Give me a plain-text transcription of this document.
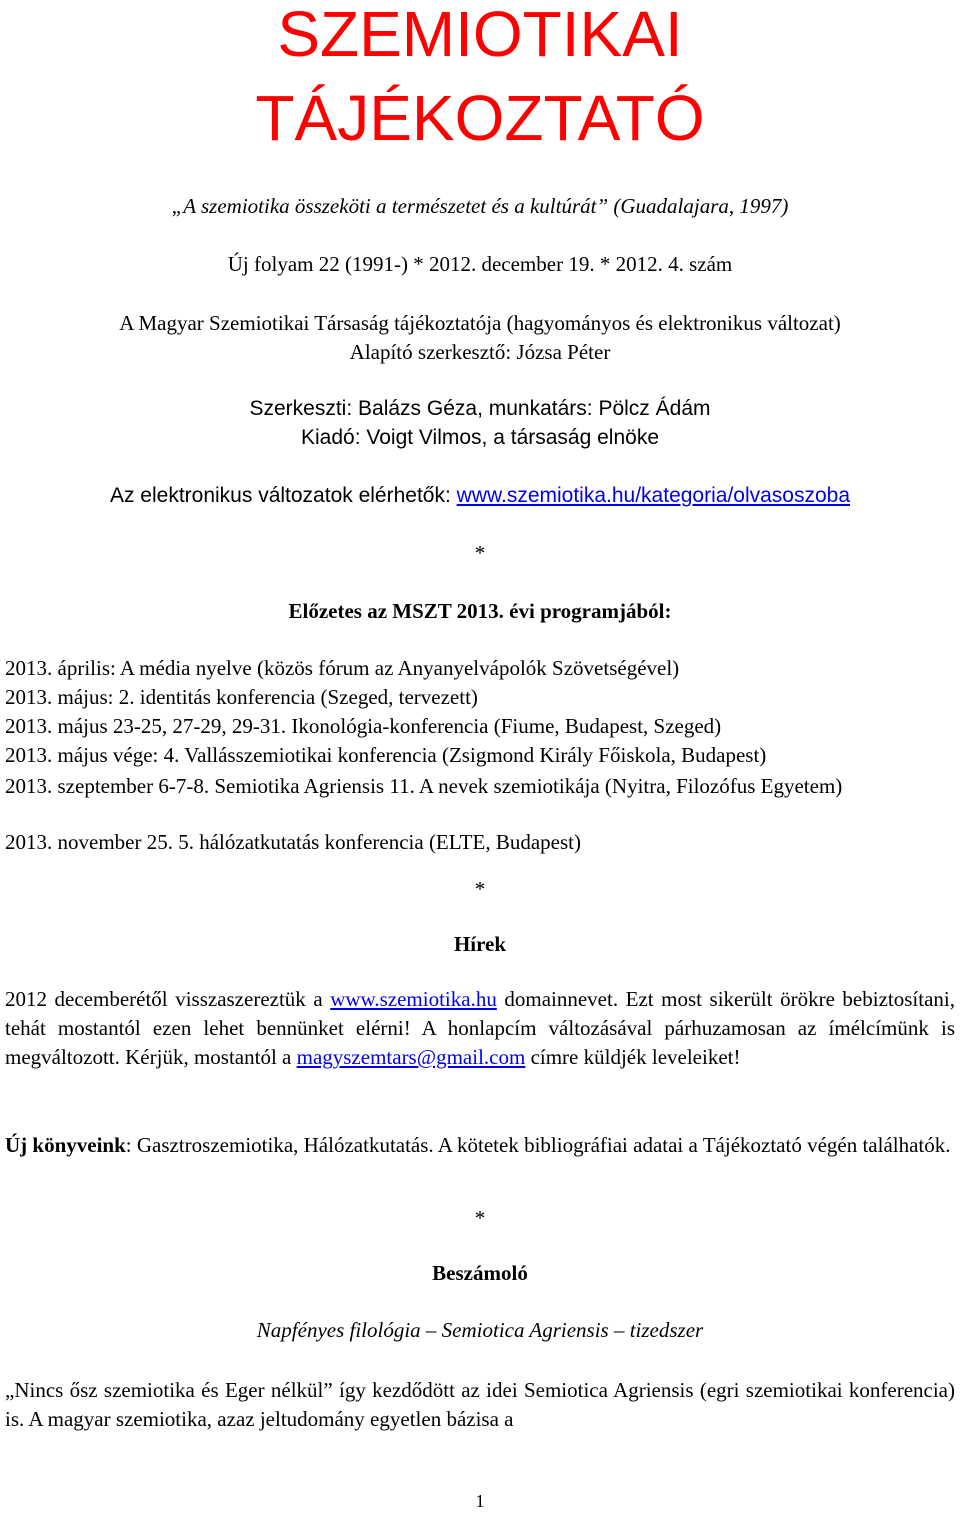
SZEMIOTIKAI
TÁJÉKOZTATÓ
„A szemiotika összeköti a természetet és a kultúrát” (Guadalajara, 1997)
Új folyam 22 (1991-) * 2012. december 19. * 2012. 4. szám
A Magyar Szemiotikai Társaság tájékoztatója (hagyományos és elektronikus változat)
Alapító szerkesztő: Józsa Péter
Szerkeszti: Balázs Géza, munkatárs: Pölcz Ádám
Kiadó: Voigt Vilmos, a társaság elnöke
Az elektronikus változatok elérhetők: www.szemiotika.hu/kategoria/olvasoszoba
*
Előzetes az MSZT 2013. évi programjából:
2013. április: A média nyelve (közös fórum az Anyanyelvápolók Szövetségével)
2013. május: 2. identitás konferencia (Szeged, tervezett)
2013. május 23-25, 27-29, 29-31. Ikonológia-konferencia (Fiume, Budapest, Szeged)
2013. május vége: 4. Vallásszemiotikai konferencia (Zsigmond Király Főiskola, Budapest)
2013. szeptember 6-7-8. Semiotika Agriensis 11. A nevek szemiotikája (Nyitra, Filozófus Egyetem)
2013. november 25. 5. hálózatkutatás konferencia (ELTE, Budapest)
*
Hírek
2012 decemberétől visszaszereztük a www.szemiotika.hu domainnevet. Ezt most sikerült örökre bebiztosítani, tehát mostantól ezen lehet bennünket elérni! A honlapcím változásával párhuzamosan az ímélcímünk is megváltozott. Kérjük, mostantól a magyszemtars@gmail.com címre küldjék leveleiket!
Új könyveink: Gasztroszemiotika, Hálózatkutatás. A kötetek bibliográfiai adatai a Tájékoztató végén találhatók.
*
Beszámoló
Napfényes filológia – Semiotica Agriensis – tizedszer
„Nincs ősz szemiotika és Eger nélkül” így kezdődött az idei Semiotica Agriensis (egri szemiotikai konferencia) is. A magyar szemiotika, azaz jeltudomány egyetlen bázisa a
1
